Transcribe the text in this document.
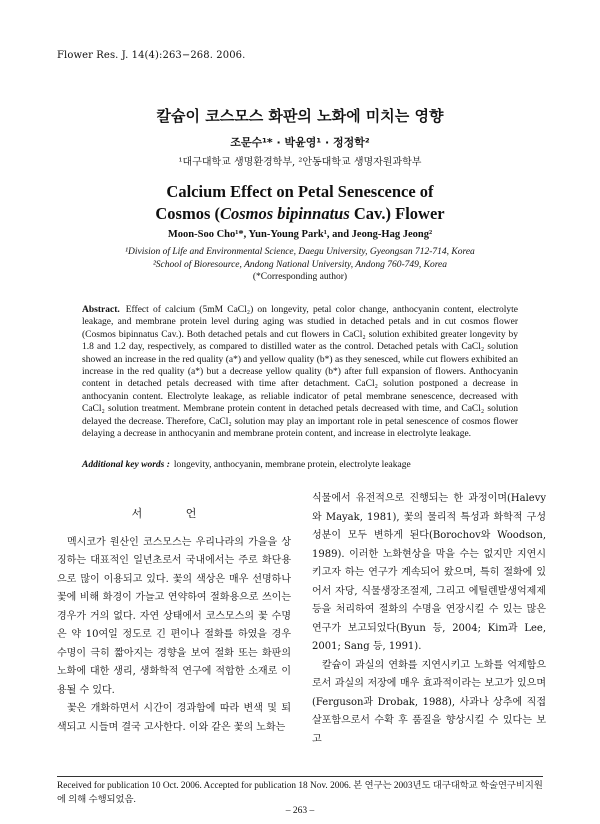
Flower Res. J. 14(4):263−268. 2006.
칼슘이 코스모스 화판의 노화에 미치는 영향
조문수¹* · 박윤영¹ · 정정학²
¹대구대학교 생명환경학부, ²안동대학교 생명자원과학부
Calcium Effect on Petal Senescence of
Cosmos (Cosmos bipinnatus Cav.) Flower
Moon-Soo Cho¹*, Yun-Young Park¹, and Jeong-Hag Jeong²
¹Division of Life and Environmental Science, Daegu University, Gyeongsan 712-714, Korea
²School of Bioresource, Andong National University, Andong 760-749, Korea
(*Corresponding author)
Abstract. Effect of calcium (5mM CaCl₂) on longevity, petal color change, anthocyanin content, electrolyte leakage, and membrane protein level during aging was studied in detached petals and in cut cosmos flower (Cosmos bipinnatus Cav.). Both detached petals and cut flowers in CaCl₂ solution exhibited greater longevity by 1.8 and 1.2 day, respectively, as compared to distilled water as the control. Detached petals with CaCl₂ solution showed an increase in the red quality (a*) and yellow quality (b*) as they senesced, while cut flowers exhibited an increase in the red quality (a*) but a decrease yellow quality (b*) after full expansion of flowers. Anthocyanin content in detached petals decreased with time after detachment. CaCl₂ solution postponed a decrease in anthocyanin content. Electrolyte leakage, as reliable indicator of petal membrane senescence, decreased with CaCl₂ solution treatment. Membrane protein content in detached petals decreased with time, and CaCl₂ solution delayed the decrease. Therefore, CaCl₂ solution may play an important role in petal senescence of cosmos flower delaying a decrease in anthocyanin and membrane protein content, and increase in electrolyte leakage.
Additional key words : longevity, anthocyanin, membrane protein, electrolyte leakage
서 언

멕시코가 원산인 코스모스는 우리나라의 가을을 상징하는 대표적인 일년초로서 국내에서는 주로 화단용으로 많이 이용되고 있다. 꽃의 색상은 매우 선명하나 꽃에 비해 화경이 가늘고 연약하여 절화용으로 쓰이는 경우가 거의 없다. 자연 상태에서 코스모스의 꽃 수명은 약 10여일 정도로 긴 편이나 절화를 하였을 경우 수명이 극히 짧아지는 경향을 보여 절화 또는 화판의 노화에 대한 생리, 생화학적 연구에 적합한 소재로 이용될 수 있다.

꽃은 개화하면서 시간이 경과함에 따라 변색 및 퇴색되고 시들며 결국 고사한다. 이와 같은 꽃의 노화는

식물에서 유전적으로 진행되는 한 과정이며(Halevy와 Mayak, 1981), 꽃의 물리적 특성과 화학적 구성 성분이 모두 변하게 된다(Borochov와 Woodson, 1989). 이러한 노화현상을 막을 수는 없지만 지연시키고자 하는 연구가 계속되어 왔으며, 특히 절화에 있어서 자당, 식물생장조절제, 그리고 에틸렌발생억제제 등을 처리하여 절화의 수명을 연장시킬 수 있는 많은 연구가 보고되었다(Byun 등, 2004; Kim과 Lee, 2001; Sang 등, 1991).

칼슘이 과실의 연화를 지연시키고 노화를 억제함으로서 과실의 저장에 매우 효과적이라는 보고가 있으며(Ferguson과 Drobak, 1988), 사과나 상추에 직접 살포함으로서 수확 후 품질을 향상시킬 수 있다는 보고

Received for publication 10 Oct. 2006. Accepted for publication 18 Nov. 2006. 본 연구는 2003년도 대구대학교 학술연구비지원에 의해 수행되었음.
– 263 –
